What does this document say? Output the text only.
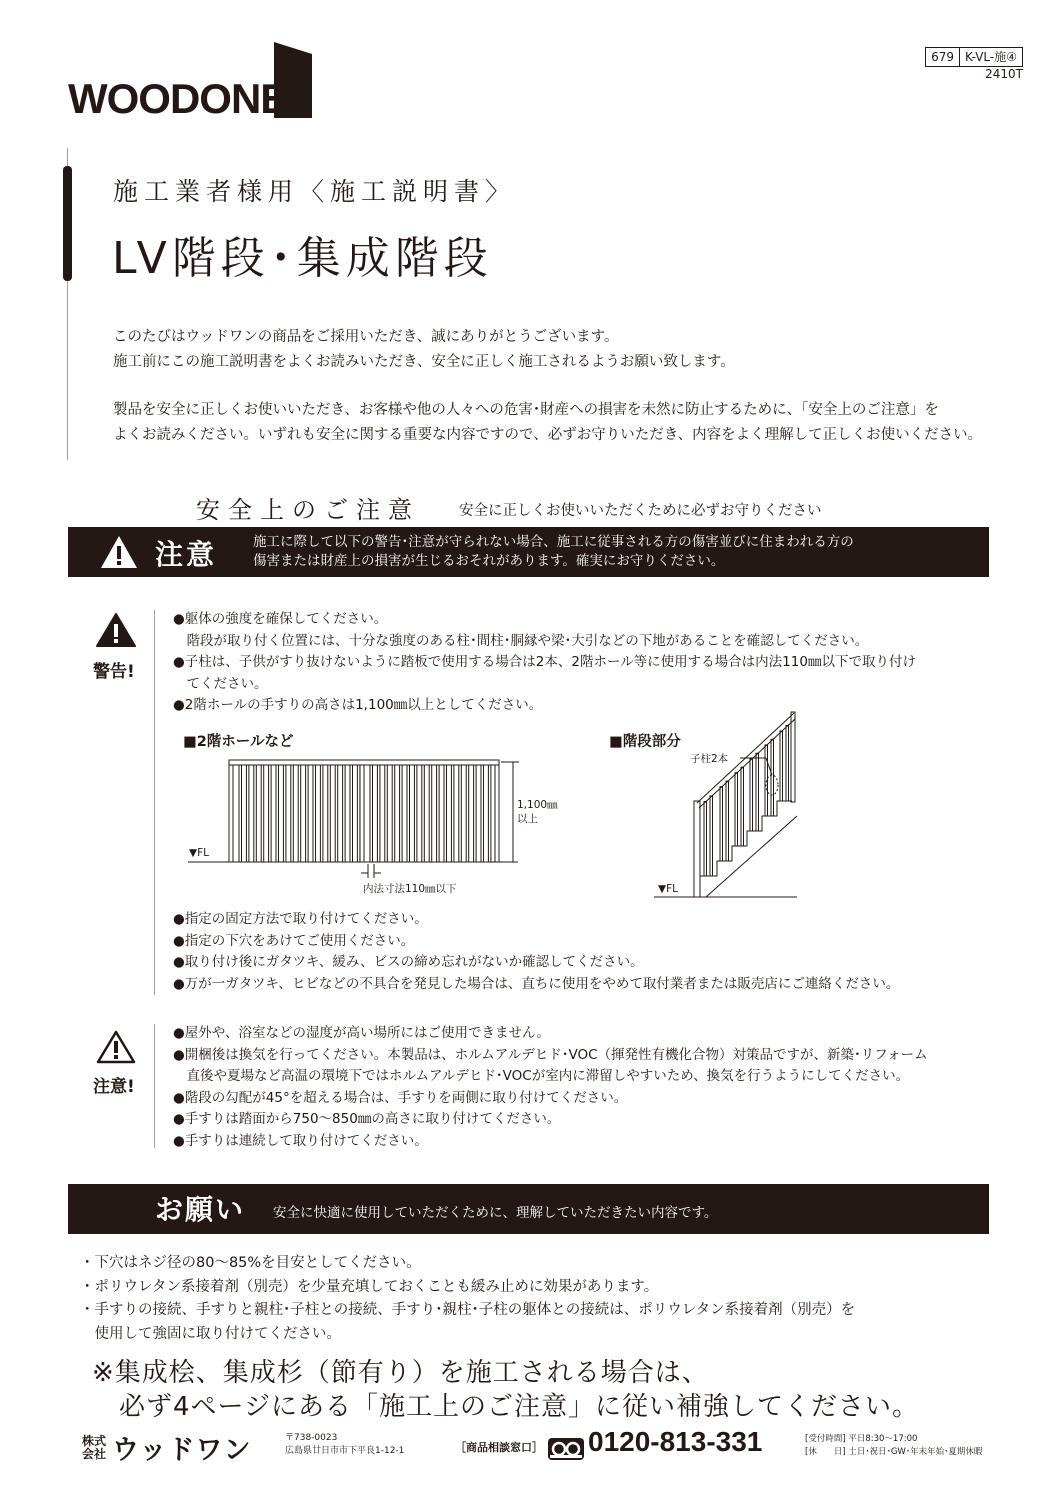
WOODONE
679 K-VL-施④
2410T
施工業者様用〈施工説明書〉
LV階段･集成階段
このたびはウッドワンの商品をご採用いただき、誠にありがとうございます。
施工前にこの施工説明書をよくお読みいただき、安全に正しく施工されるようお願い致します。
製品を安全に正しくお使いいただき、お客様や他の人々への危害･財産への損害を未然に防止するために、「安全上のご注意」を
よくお読みください。いずれも安全に関する重要な内容ですので、必ずお守りいただき、内容をよく理解して正しくお使いください。
安全上のご注意	安全に正しくお使いいただくために必ずお守りください
注意	施工に際して以下の警告･注意が守られない場合、施工に従事される方の傷害並びに住まわれる方の
傷害または財産上の損害が生じるおそれがあります。確実にお守りください。
警告!
●躯体の強度を確保してください。
　階段が取り付く位置には、十分な強度のある柱･間柱･胴縁や梁･大引などの下地があることを確認してください。
●子柱は、子供がすり抜けないように踏板で使用する場合は2本、2階ホール等に使用する場合は内法110㎜以下で取り付け
　てください。
●2階ホールの手すりの高さは1,100㎜以上としてください。
■2階ホールなど	■階段部分
▼FL
1,100㎜
以上
内法寸法110㎜以下
子柱2本
▼FL
●指定の固定方法で取り付けてください。
●指定の下穴をあけてご使用ください。
●取り付け後にガタツキ、緩み、ビスの締め忘れがないか確認してください。
●万が一ガタツキ、ヒビなどの不具合を発見した場合は、直ちに使用をやめて取付業者または販売店にご連絡ください。
注意!
●屋外や、浴室などの湿度が高い場所にはご使用できません。
●開梱後は換気を行ってください。本製品は、ホルムアルデヒド･VOC（揮発性有機化合物）対策品ですが、新築･リフォーム
　直後や夏場など高温の環境下ではホルムアルデヒド･VOCが室内に滞留しやすいため、換気を行うようにしてください。
●階段の勾配が45°を超える場合は、手すりを両側に取り付けてください。
●手すりは踏面から750～850㎜の高さに取り付けてください。
●手すりは連続して取り付けてください。
お願い 安全に快適に使用していただくために、理解していただきたい内容です。
・下穴はネジ径の80～85%を目安としてください。
・ポリウレタン系接着剤（別売）を少量充填しておくことも緩み止めに効果があります。
・手すりの接続、手すりと親柱･子柱との接続、手すり･親柱･子柱の躯体との接続は、ポリウレタン系接着剤（別売）を
　使用して強固に取り付けてください。
※集成桧、集成杉（節有り）を施工される場合は、
　必ず4ページにある「施工上のご注意」に従い補強してください。
株式
会社 ウッドワン	〒738-0023
広島県廿日市市下平良1-12-1	［商品相談窓口］ 0120-813-331	[受付時間] 平日8:30～17:00
[休　　日] 土日･祝日･GW･年末年始･夏期休暇
